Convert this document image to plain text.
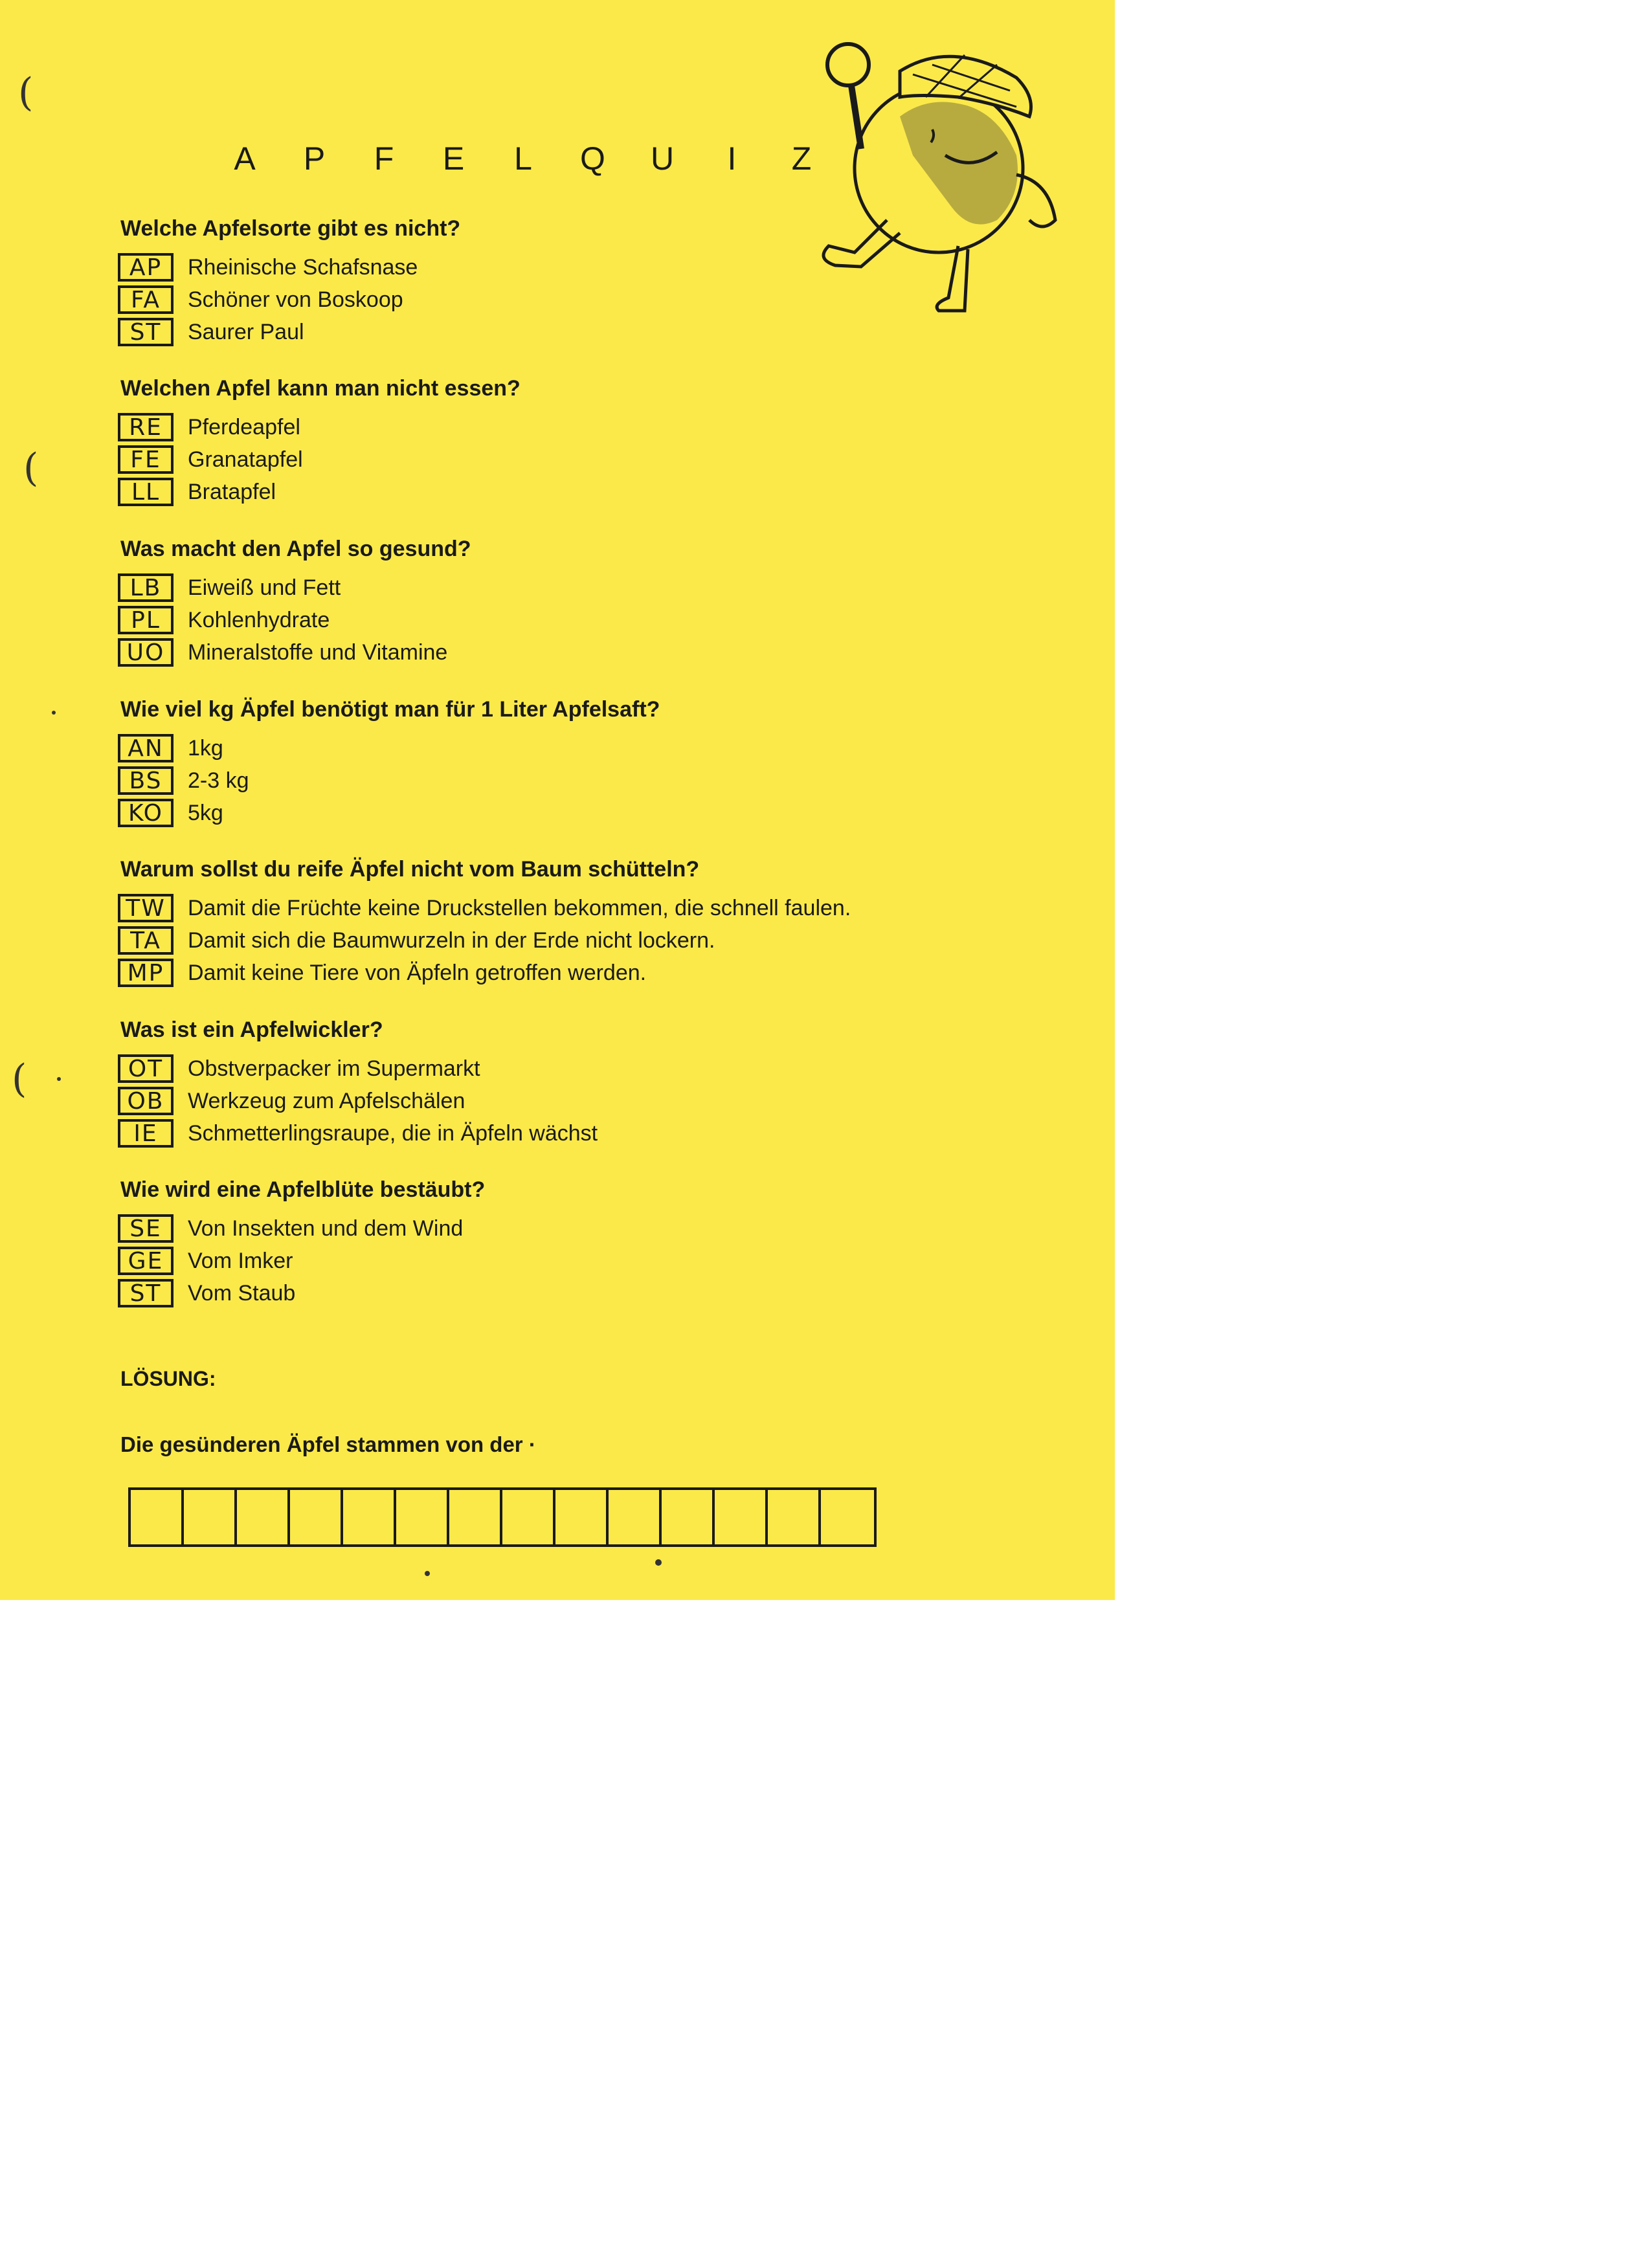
(
(
(
A P F E	L	Q U	I	Z
Welche Apfelsorte gibt es nicht?
AP	Rheinische Schafsnase
FA	Schöner von Boskoop
ST	Saurer Paul
Welchen Apfel kann man nicht essen?
RE	Pferdeapfel
FE	Granatapfel
LL	Bratapfel
Was macht den Apfel so gesund?
LB	Eiweiß und Fett
PL	Kohlenhydrate
UO	Mineralstoffe und Vitamine
Wie viel kg Äpfel benötigt man für 1 Liter Apfelsaft?
AN	1kg
BS	2-3 kg
KO	5kg
Warum sollst du reife Äpfel nicht vom Baum schütteln?
TW	Damit die Früchte keine Druckstellen bekommen, die schnell faulen.
TA	Damit sich die Baumwurzeln in der Erde nicht lockern.
MP	Damit keine Tiere von Äpfeln getroffen werden.
Was ist ein Apfelwickler?
OT	Obstverpacker im Supermarkt
OB	Werkzeug zum Apfelschälen
IE	Schmetterlingsraupe, die in Äpfeln wächst
Wie wird eine Apfelblüte bestäubt?
SE	Von Insekten und dem Wind
GE	Vom Imker
ST	Vom Staub
LÖSUNG:
Die gesünderen Äpfel stammen von der ·
